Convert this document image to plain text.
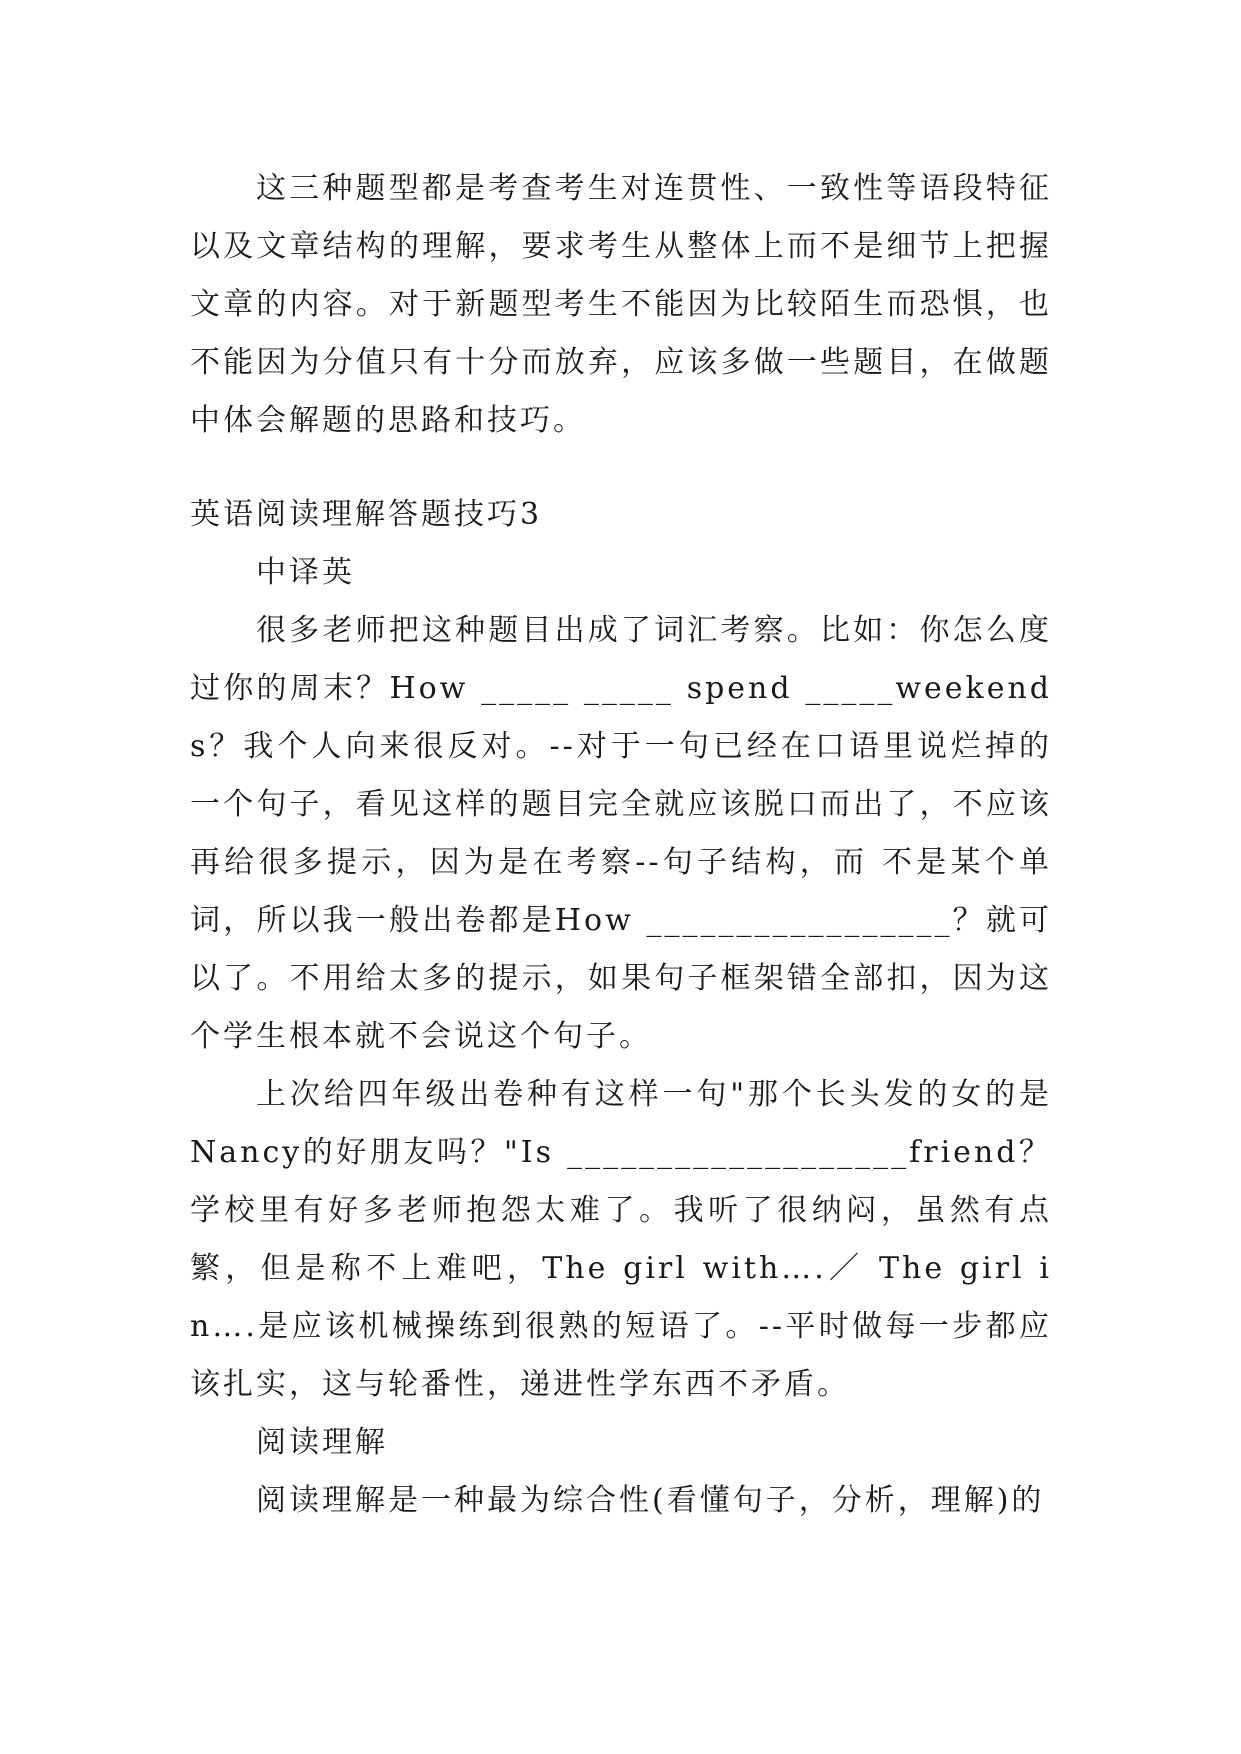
这三种题型都是考查考生对连贯性、一致性等语段特征以及文章结构的理解，要求考生从整体上而不是细节上把握文章的内容。对于新题型考生不能因为比较陌生而恐惧，也不能因为分值只有十分而放弃，应该多做一些题目，在做题中体会解题的思路和技巧。

英语阅读理解答题技巧3

中译英

很多老师把这种题目出成了词汇考察。比如：你怎么度过你的周末？How _____ _____ spend _____weekends？我个人向来很反对。--对于一句已经在口语里说烂掉的一个句子，看见这样的题目完全就应该脱口而出了，不应该再给很多提示，因为是在考察--句子结构，而 不是某个单词，所以我一般出卷都是How _________________？就可以了。不用给太多的提示，如果句子框架错全部扣，因为这个学生根本就不会说这个句子。

上次给四年级出卷种有这样一句"那个长头发的女的是Nancy的好朋友吗？"Is ___________________friend？学校里有好多老师抱怨太难了。我听了很纳闷，虽然有点繁，但是称不上难吧，The girl with….／ The girl in….是应该机械操练到很熟的短语了。--平时做每一步都应该扎实，这与轮番性，递进性学东西不矛盾。

阅读理解

阅读理解是一种最为综合性(看懂句子，分析，理解)的
